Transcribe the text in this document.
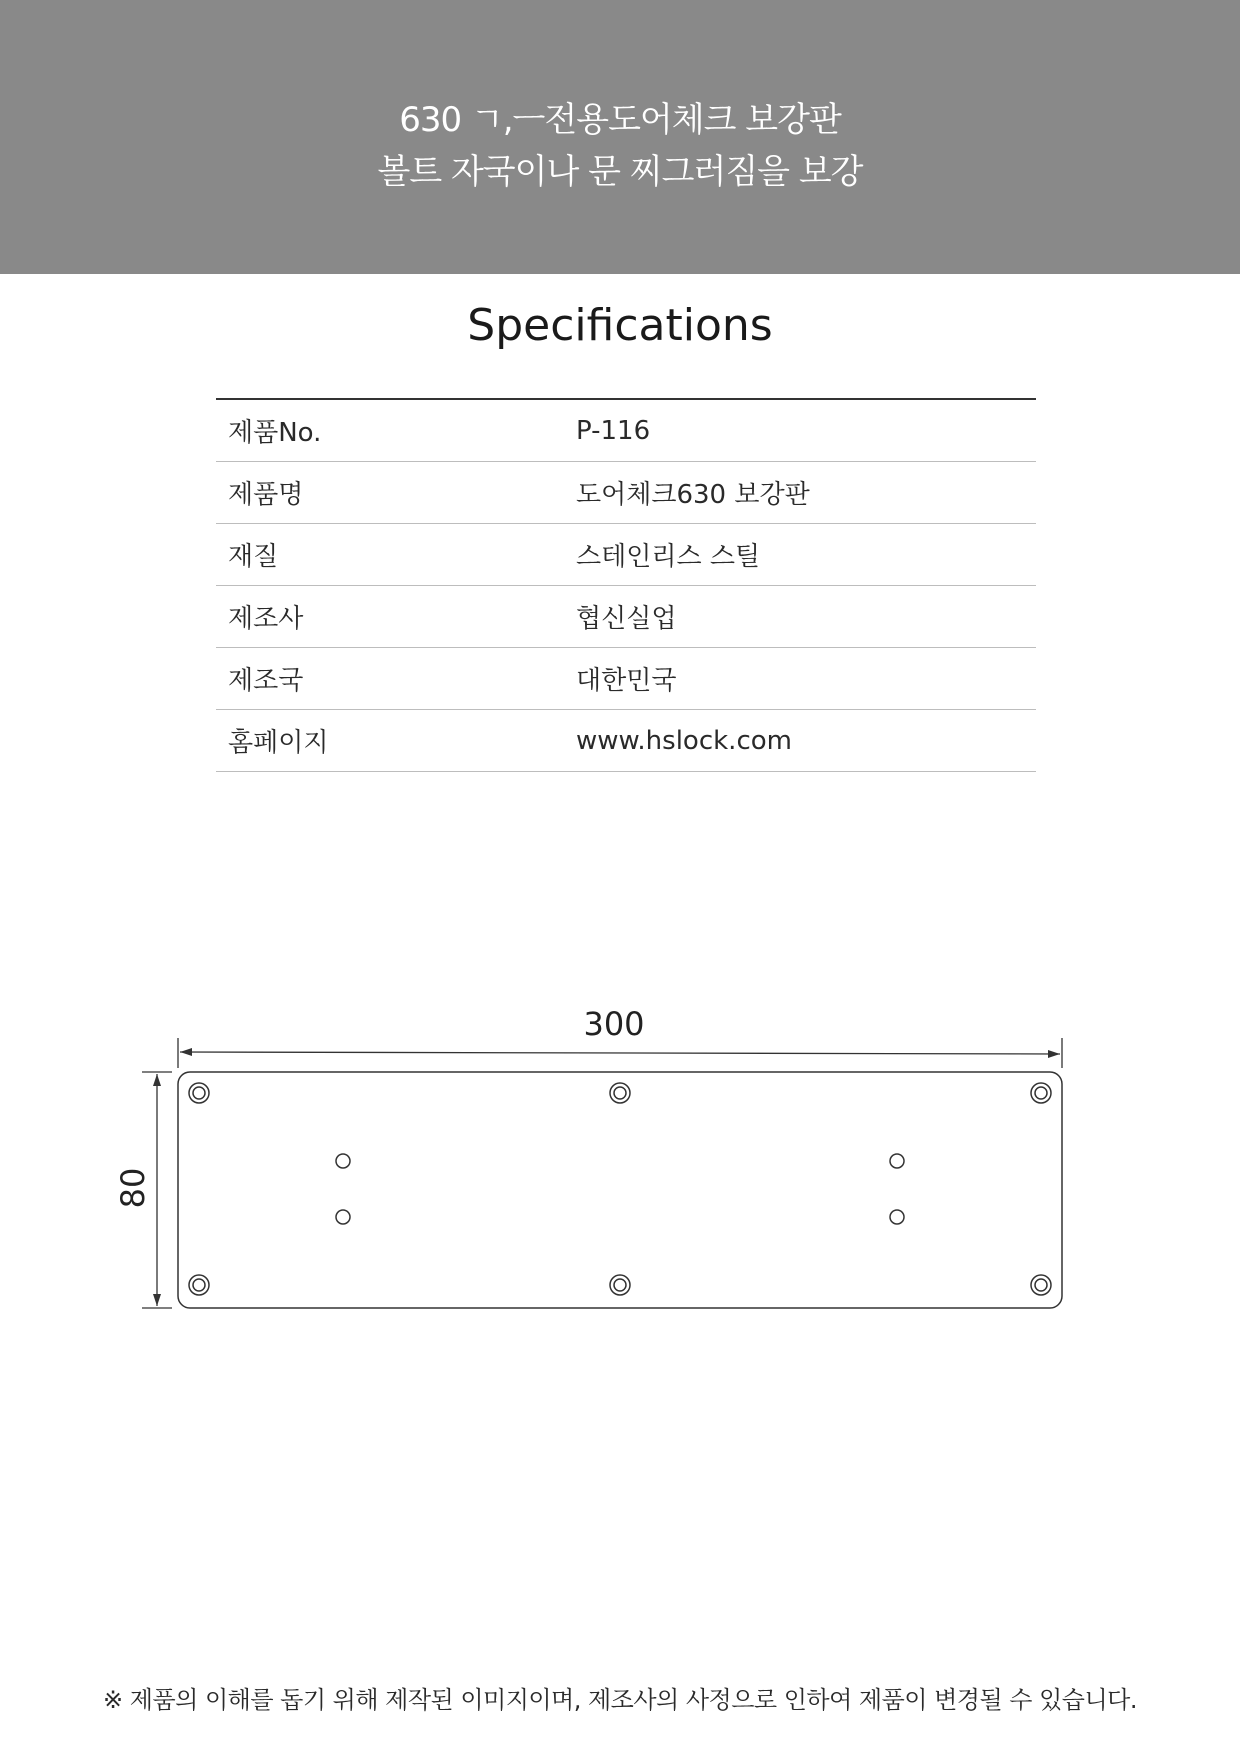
630 ㄱ,ㅡ전용도어체크 보강판
볼트 자국이나 문 찌그러짐을 보강
Specifications
제품No.	P-116
제품명	도어체크630 보강판
재질	스테인리스 스틸
제조사	협신실업
제조국	대한민국
홈페이지	www.hslock.com
300
80
※ 제품의 이해를 돕기 위해 제작된 이미지이며, 제조사의 사정으로 인하여 제품이 변경될 수 있습니다.
